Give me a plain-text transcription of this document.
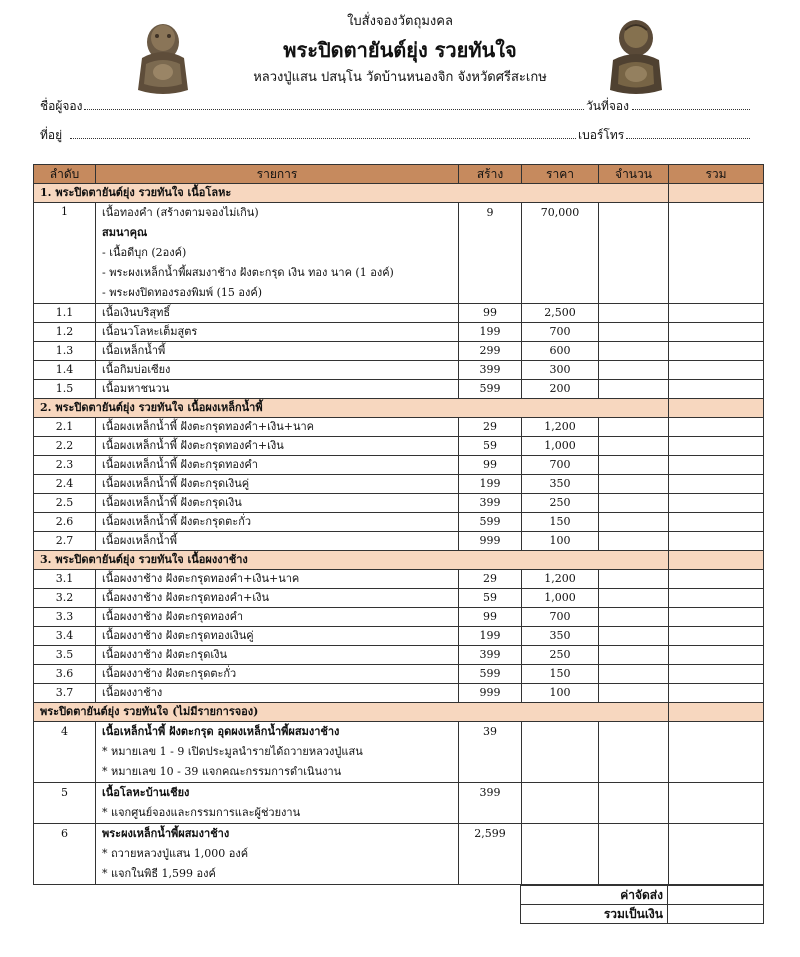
ใบสั่งจองวัตถุมงคล
พระปิดตายันต์ยุ่ง รวยทันใจ
หลวงปู่แสน ปสนฺโน วัดบ้านหนองจิก จังหวัดศรีสะเกษ
ชื่อผู้จอง	วันที่จอง
ที่อยู่	เบอร์โทร
ลำดับ	รายการ	สร้าง	ราคา	จำนวน	รวม
1. พระปิดตายันต์ยุ่ง รวยทันใจ เนื้อโลหะ					
1	เนื้อทองคำ (สร้างตามจองไม่เกิน)
สมนาคุณ
- เนื้อดีบุก (2องค์)
- พระผงเหล็กน้ำพี้ผสมงาช้าง ฝังตะกรุด เงิน ทอง นาค (1 องค์)
- พระผงปิดทองรองพิมพ์ (15 องค์)	9	70,000		

1.1	เนื้อเงินบริสุทธิ์	99	2,500		
1.2	เนื้อนวโลหะเต็มสูตร	199	700		
1.3	เนื้อเหล็กน้ำพี้	299	600		
1.4	เนื้อกิมบ่อเซียง	399	300		
1.5	เนื้อมหาชนวน	599	200		
2. พระปิดตายันต์ยุ่ง รวยทันใจ เนื้อผงเหล็กน้ำพี้					
2.1	เนื้อผงเหล็กน้ำพี้ ฝังตะกรุดทองคำ+เงิน+นาค	29	1,200		
2.2	เนื้อผงเหล็กน้ำพี้ ฝังตะกรุดทองคำ+เงิน	59	1,000		
2.3	เนื้อผงเหล็กน้ำพี้ ฝังตะกรุดทองคำ	99	700		
2.4	เนื้อผงเหล็กน้ำพี้ ฝังตะกรุดเงินคู่	199	350		
2.5	เนื้อผงเหล็กน้ำพี้ ฝังตะกรุดเงิน	399	250		
2.6	เนื้อผงเหล็กน้ำพี้ ฝังตะกรุดตะกั่ว	599	150		
2.7	เนื้อผงเหล็กน้ำพี้	999	100		
3. พระปิดตายันต์ยุ่ง รวยทันใจ เนื้อผงงาช้าง					
3.1	เนื้อผงงาช้าง ฝังตะกรุดทองคำ+เงิน+นาค	29	1,200		
3.2	เนื้อผงงาช้าง ฝังตะกรุดทองคำ+เงิน	59	1,000		
3.3	เนื้อผงงาช้าง ฝังตะกรุดทองคำ	99	700		
3.4	เนื้อผงงาช้าง ฝังตะกรุดทองเงินคู่	199	350		
3.5	เนื้อผงงาช้าง ฝังตะกรุดเงิน	399	250		
3.6	เนื้อผงงาช้าง ฝังตะกรุดตะกั่ว	599	150		
3.7	เนื้อผงงาช้าง	999	100		
พระปิดตายันต์ยุ่ง รวยทันใจ (ไม่มีรายการจอง)					

4	เนื้อเหล็กน้ำพี้ ฝังตะกรุด อุดผงเหล็กน้ำพี้ผสมงาช้าง
* หมายเลข 1 - 9 เปิดประมูลนำรายได้ถวายหลวงปู่แสน
* หมายเลข 10 - 39 แจกคณะกรรมการดำเนินงาน	39			

5	เนื้อโลหะบ้านเชียง
* แจกศูนย์จองและกรรมการและผู้ช่วยงาน	399			

6	พระผงเหล็กน้ำพี้ผสมงาช้าง
* ถวายหลวงปู่แสน 1,000 องค์
* แจกในพิธี 1,599 องค์	2,599			

ค่าจัดส่ง	
รวมเป็นเงิน	
